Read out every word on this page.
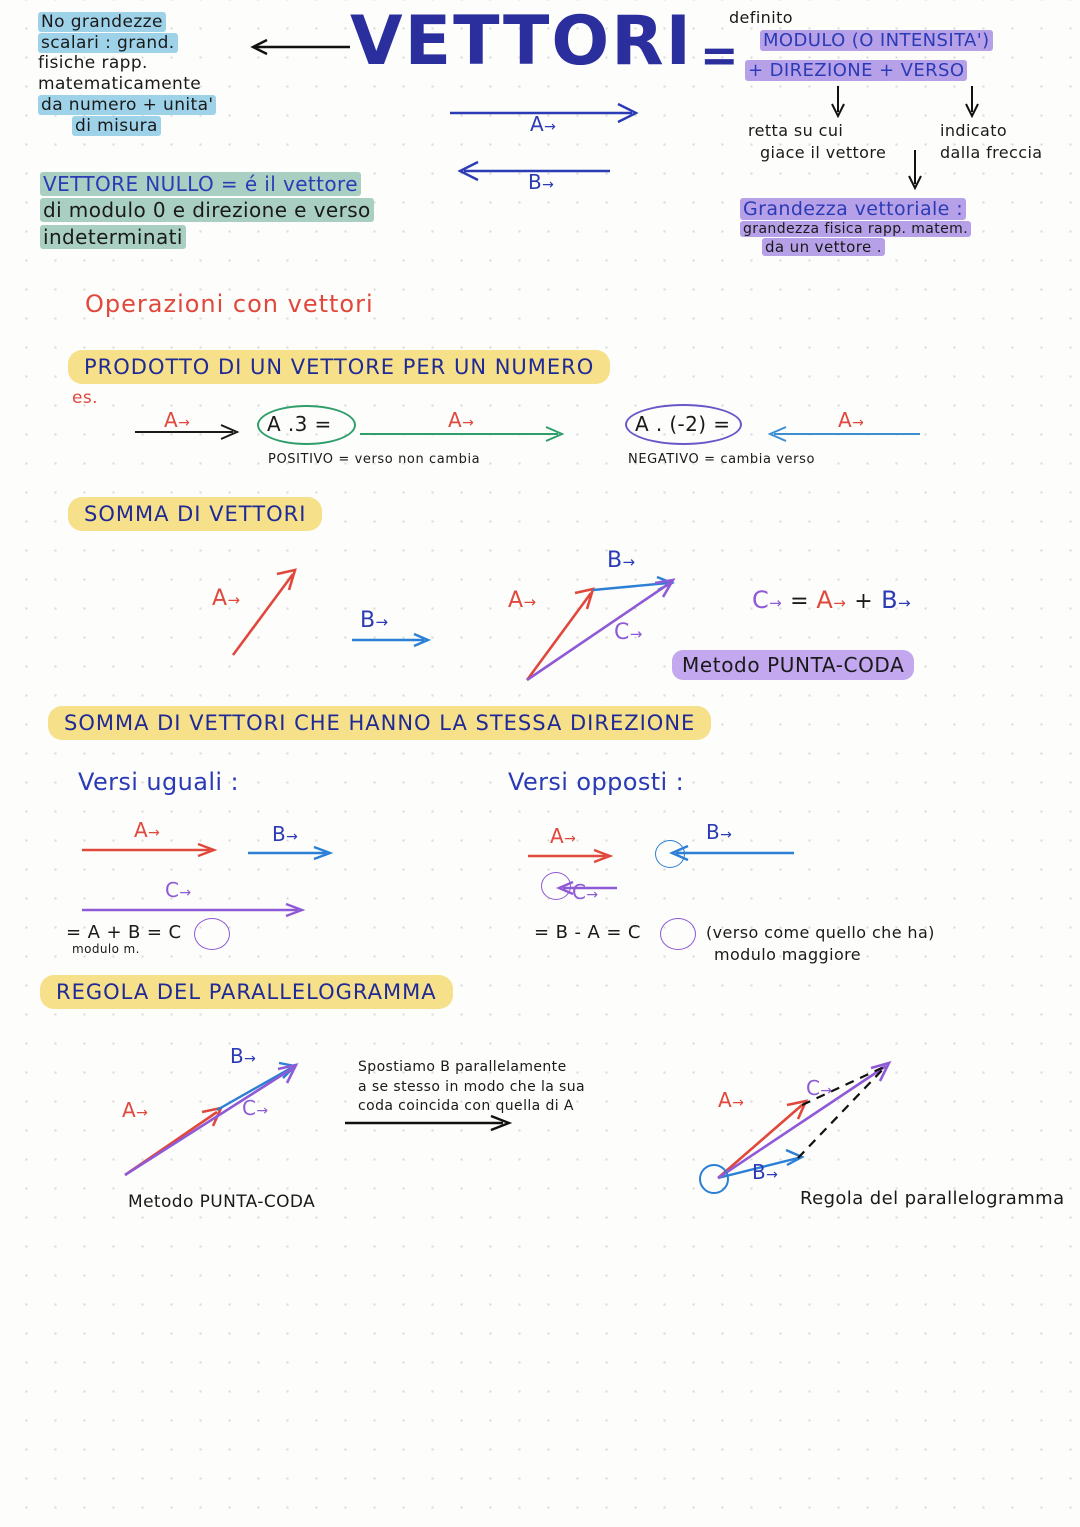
No grandezze
scalari : grand.
fisiche rapp.
matematicamente
da numero + unita'
di misura
VETTORI =
definito
MODULO (O INTENSITA')
+ DIREZIONE + VERSO
retta su cui
giace il vettore
indicato
dalla freccia
Grandezza vettoriale :
grandezza fisica rapp. matem.
da un vettore .
A→
B→
VETTORE NULLO = é il vettore
di modulo 0 e direzione e verso
indeterminati
Operazioni con vettori
PRODOTTO DI UN VETTORE PER UN NUMERO
es.
A→	A .3 =	A→
POSITIVO = verso non cambia
A . (-2) =	A→
NEGATIVO = cambia verso
SOMMA DI VETTORI
A→
B→
A→
B→
C→
C→ = A→ + B→
Metodo PUNTA-CODA
SOMMA DI VETTORI CHE HANNO LA STESSA DIREZIONE
Versi uguali :	Versi opposti :
A→	B→
C→
= A + B = C
modulo m.
A→	B→
C→
= B - A = C	(verso come quello che ha)
modulo maggiore
REGOLA DEL PARALLELOGRAMMA
A→
B→
C→
Metodo PUNTA-CODA
Spostiamo B parallelamente
a se stesso in modo che la sua
coda coincida con quella di A	A→
B→
C→
Regola del parallelogramma
